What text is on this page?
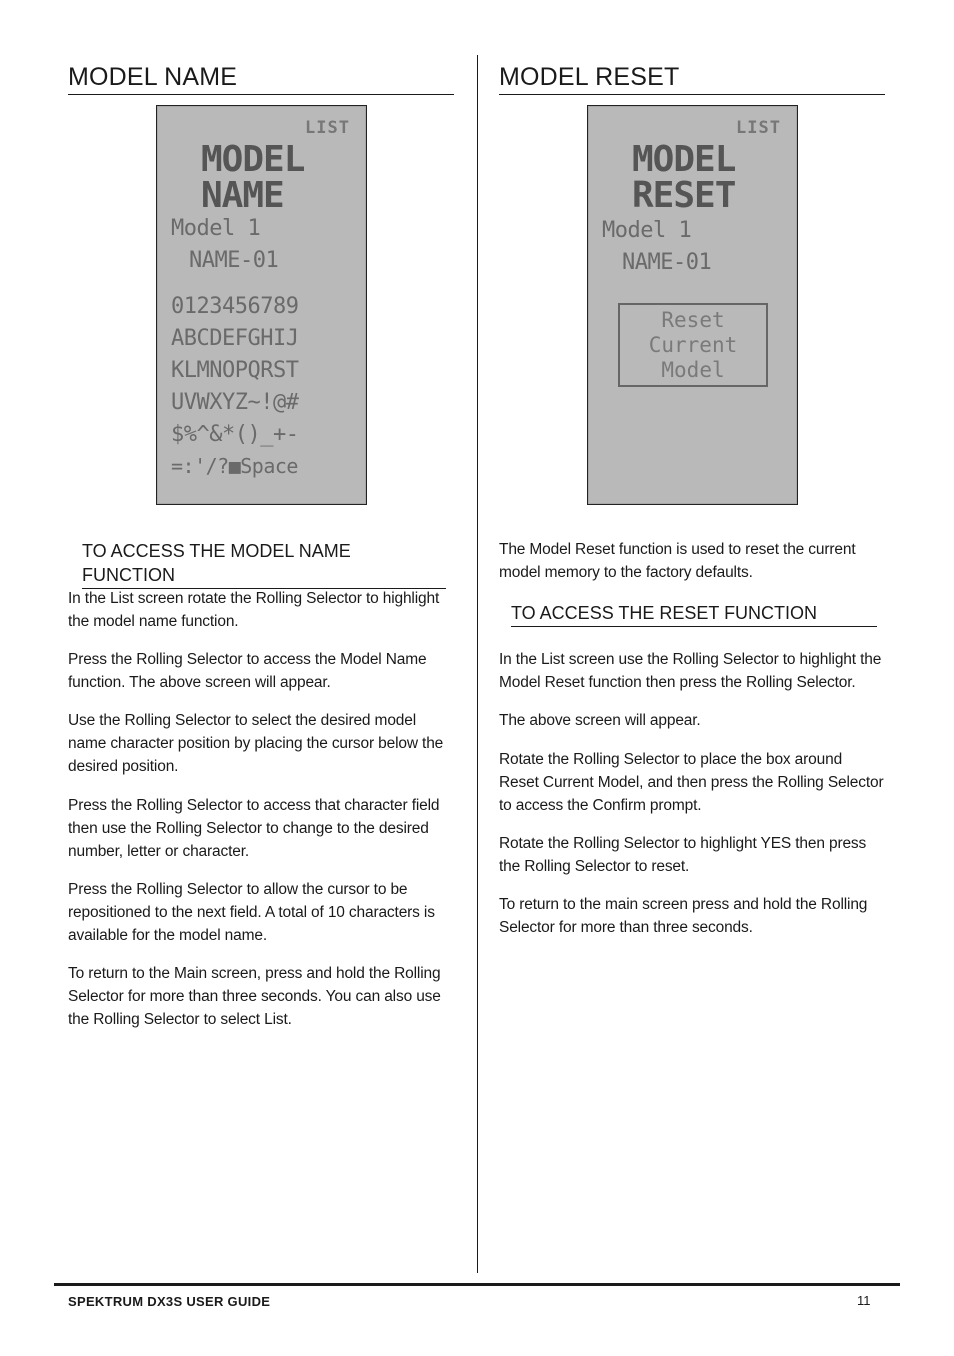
MODEL NAME
LIST
MODEL
NAME
Model 1
NAME-01
0123456789
ABCDEFGHIJ
KLMNOPQRST
UVWXYZ~!@#
$%^&*()_+-
=:'/?■Space
TO ACCESS THE MODEL NAME FUNCTION

In the List screen rotate the Rolling Selector to highlight the model name function.

Press the Rolling Selector to access the Model Name function. The above screen will appear.

Use the Rolling Selector to select the desired model name character position by placing the cursor below the desired position.

Press the Rolling Selector to access that character field then use the Rolling Selector to change to the desired number, letter or character.

Press the Rolling Selector to allow the cursor to be repositioned to the next field. A total of 10 characters is available for the model name.

To return to the Main screen, press and hold the Rolling Selector for more than three seconds. You can also use the Rolling Selector to select List.

MODEL RESET
LIST
MODEL
RESET
Model 1
NAME-01
Reset
Current
Model

The Model Reset function is used to reset the current model memory to the factory defaults.

TO ACCESS THE RESET FUNCTION

In the List screen use the Rolling Selector to highlight the Model Reset function then press the Rolling Selector.

The above screen will appear.

Rotate the Rolling Selector to place the box around Reset Current Model, and then press the Rolling Selector to access the Confirm prompt.

Rotate the Rolling Selector to highlight YES then press the Rolling Selector to reset.

To return to the main screen press and hold the Rolling Selector for more than three seconds.

SPEKTRUM DX3S USER GUIDE	11
